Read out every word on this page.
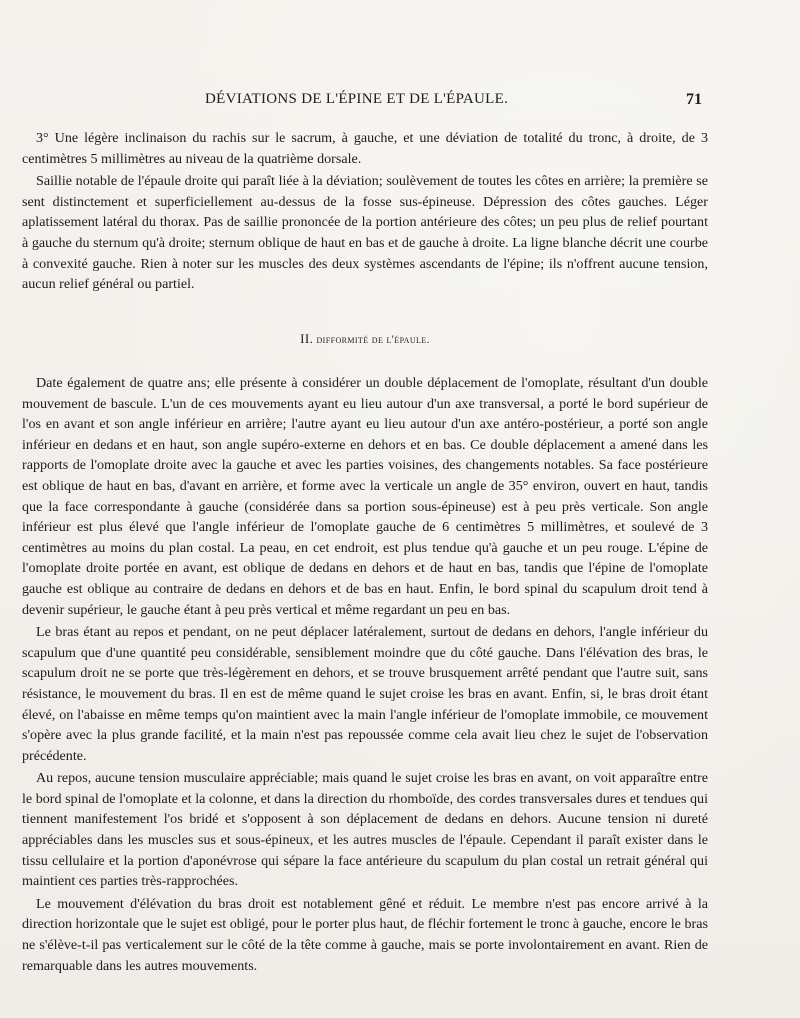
DÉVIATIONS DE L'ÉPINE ET DE L'ÉPAULE.	71

3° Une légère inclinaison du rachis sur le sacrum, à gauche, et une déviation de totalité du tronc, à droite, de 3 centimètres 5 millimètres au niveau de la quatrième dorsale.

Saillie notable de l'épaule droite qui paraît liée à la déviation; soulèvement de toutes les côtes en arrière; la première se sent distinctement et superficiellement au-dessus de la fosse sus-épineuse. Dépression des côtes gauches. Léger aplatissement latéral du thorax. Pas de saillie prononcée de la portion antérieure des côtes; un peu plus de relief pourtant à gauche du sternum qu'à droite; sternum oblique de haut en bas et de gauche à droite. La ligne blanche décrit une courbe à convexité gauche. Rien à noter sur les muscles des deux systèmes ascendants de l'épine; ils n'offrent aucune tension, aucun relief général ou partiel.

II. difformité de l'épaule.

Date également de quatre ans; elle présente à considérer un double déplacement de l'omoplate, résultant d'un double mouvement de bascule. L'un de ces mouvements ayant eu lieu autour d'un axe transversal, a porté le bord supérieur de l'os en avant et son angle inférieur en arrière; l'autre ayant eu lieu autour d'un axe antéro-postérieur, a porté son angle inférieur en dedans et en haut, son angle supéro-externe en dehors et en bas. Ce double déplacement a amené dans les rapports de l'omoplate droite avec la gauche et avec les parties voisines, des changements notables. Sa face postérieure est oblique de haut en bas, d'avant en arrière, et forme avec la verticale un angle de 35° environ, ouvert en haut, tandis que la face correspondante à gauche (considérée dans sa portion sous-épineuse) est à peu près verticale. Son angle inférieur est plus élevé que l'angle inférieur de l'omoplate gauche de 6 centimètres 5 millimètres, et soulevé de 3 centimètres au moins du plan costal. La peau, en cet endroit, est plus tendue qu'à gauche et un peu rouge. L'épine de l'omoplate droite portée en avant, est oblique de dedans en dehors et de haut en bas, tandis que l'épine de l'omoplate gauche est oblique au contraire de dedans en dehors et de bas en haut. Enfin, le bord spinal du scapulum droit tend à devenir supérieur, le gauche étant à peu près vertical et même regardant un peu en bas.

Le bras étant au repos et pendant, on ne peut déplacer latéralement, surtout de dedans en dehors, l'angle inférieur du scapulum que d'une quantité peu considérable, sensiblement moindre que du côté gauche. Dans l'élévation des bras, le scapulum droit ne se porte que très-légèrement en dehors, et se trouve brusquement arrêté pendant que l'autre suit, sans résistance, le mouvement du bras. Il en est de même quand le sujet croise les bras en avant. Enfin, si, le bras droit étant élevé, on l'abaisse en même temps qu'on maintient avec la main l'angle inférieur de l'omoplate immobile, ce mouvement s'opère avec la plus grande facilité, et la main n'est pas repoussée comme cela avait lieu chez le sujet de l'observation précédente.

Au repos, aucune tension musculaire appréciable; mais quand le sujet croise les bras en avant, on voit apparaître entre le bord spinal de l'omoplate et la colonne, et dans la direction du rhomboïde, des cordes transversales dures et tendues qui tiennent manifestement l'os bridé et s'opposent à son déplacement de dedans en dehors. Aucune tension ni dureté appréciables dans les muscles sus et sous-épineux, et les autres muscles de l'épaule. Cependant il paraît exister dans le tissu cellulaire et la portion d'aponévrose qui sépare la face antérieure du scapulum du plan costal un retrait général qui maintient ces parties très-rapprochées.

Le mouvement d'élévation du bras droit est notablement gêné et réduit. Le membre n'est pas encore arrivé à la direction horizontale que le sujet est obligé, pour le porter plus haut, de fléchir fortement le tronc à gauche, encore le bras ne s'élève-t-il pas verticalement sur le côté de la tête comme à gauche, mais se porte involontairement en avant. Rien de remarquable dans les autres mouvements.
